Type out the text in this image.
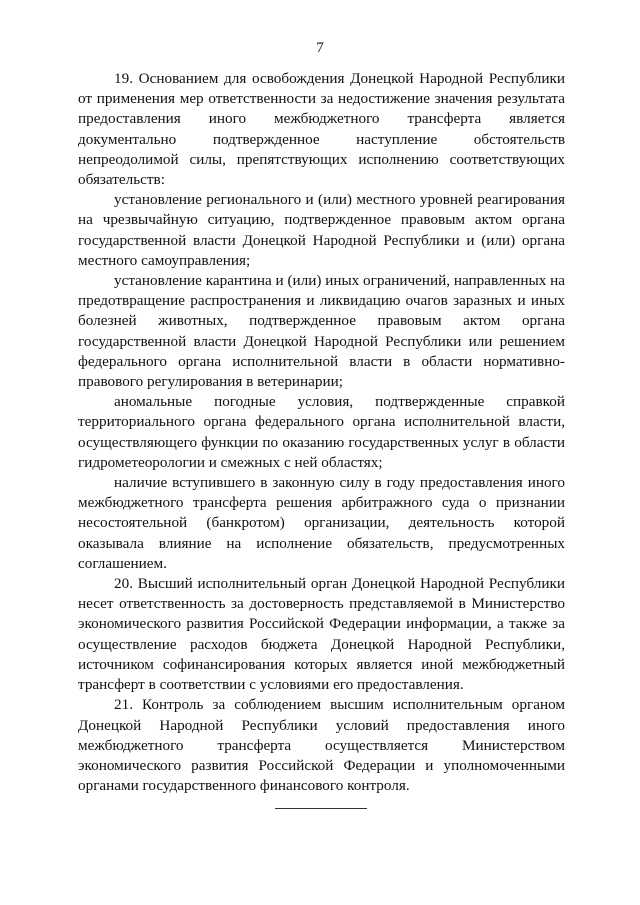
7

19. Основанием для освобождения Донецкой Народной Республики от применения мер ответственности за недостижение значения результата предоставления иного межбюджетного трансферта является документально подтвержденное наступление обстоятельств непреодолимой силы, препятствующих исполнению соответствующих обязательств:

установление регионального и (или) местного уровней реагирования на чрезвычайную ситуацию, подтвержденное правовым актом органа государственной власти Донецкой Народной Республики и (или) органа местного самоуправления;

установление карантина и (или) иных ограничений, направленных на предотвращение распространения и ликвидацию очагов заразных и иных болезней животных, подтвержденное правовым актом органа государственной власти Донецкой Народной Республики или решением федерального органа исполнительной власти в области нормативно-правового регулирования в ветеринарии;

аномальные погодные условия, подтвержденные справкой территориального органа федерального органа исполнительной власти, осуществляющего функции по оказанию государственных услуг в области гидрометеорологии и смежных с ней областях;

наличие вступившего в законную силу в году предоставления иного межбюджетного трансферта решения арбитражного суда о признании несостоятельной (банкротом) организации, деятельность которой оказывала влияние на исполнение обязательств, предусмотренных соглашением.

20. Высший исполнительный орган Донецкой Народной Республики несет ответственность за достоверность представляемой в Министерство экономического развития Российской Федерации информации, а также за осуществление расходов бюджета Донецкой Народной Республики, источником софинансирования которых является иной межбюджетный трансферт в соответствии с условиями его предоставления.

21. Контроль за соблюдением высшим исполнительным органом Донецкой Народной Республики условий предоставления иного межбюджетного трансферта осуществляется Министерством экономического развития Российской Федерации и уполномоченными органами государственного финансового контроля.
